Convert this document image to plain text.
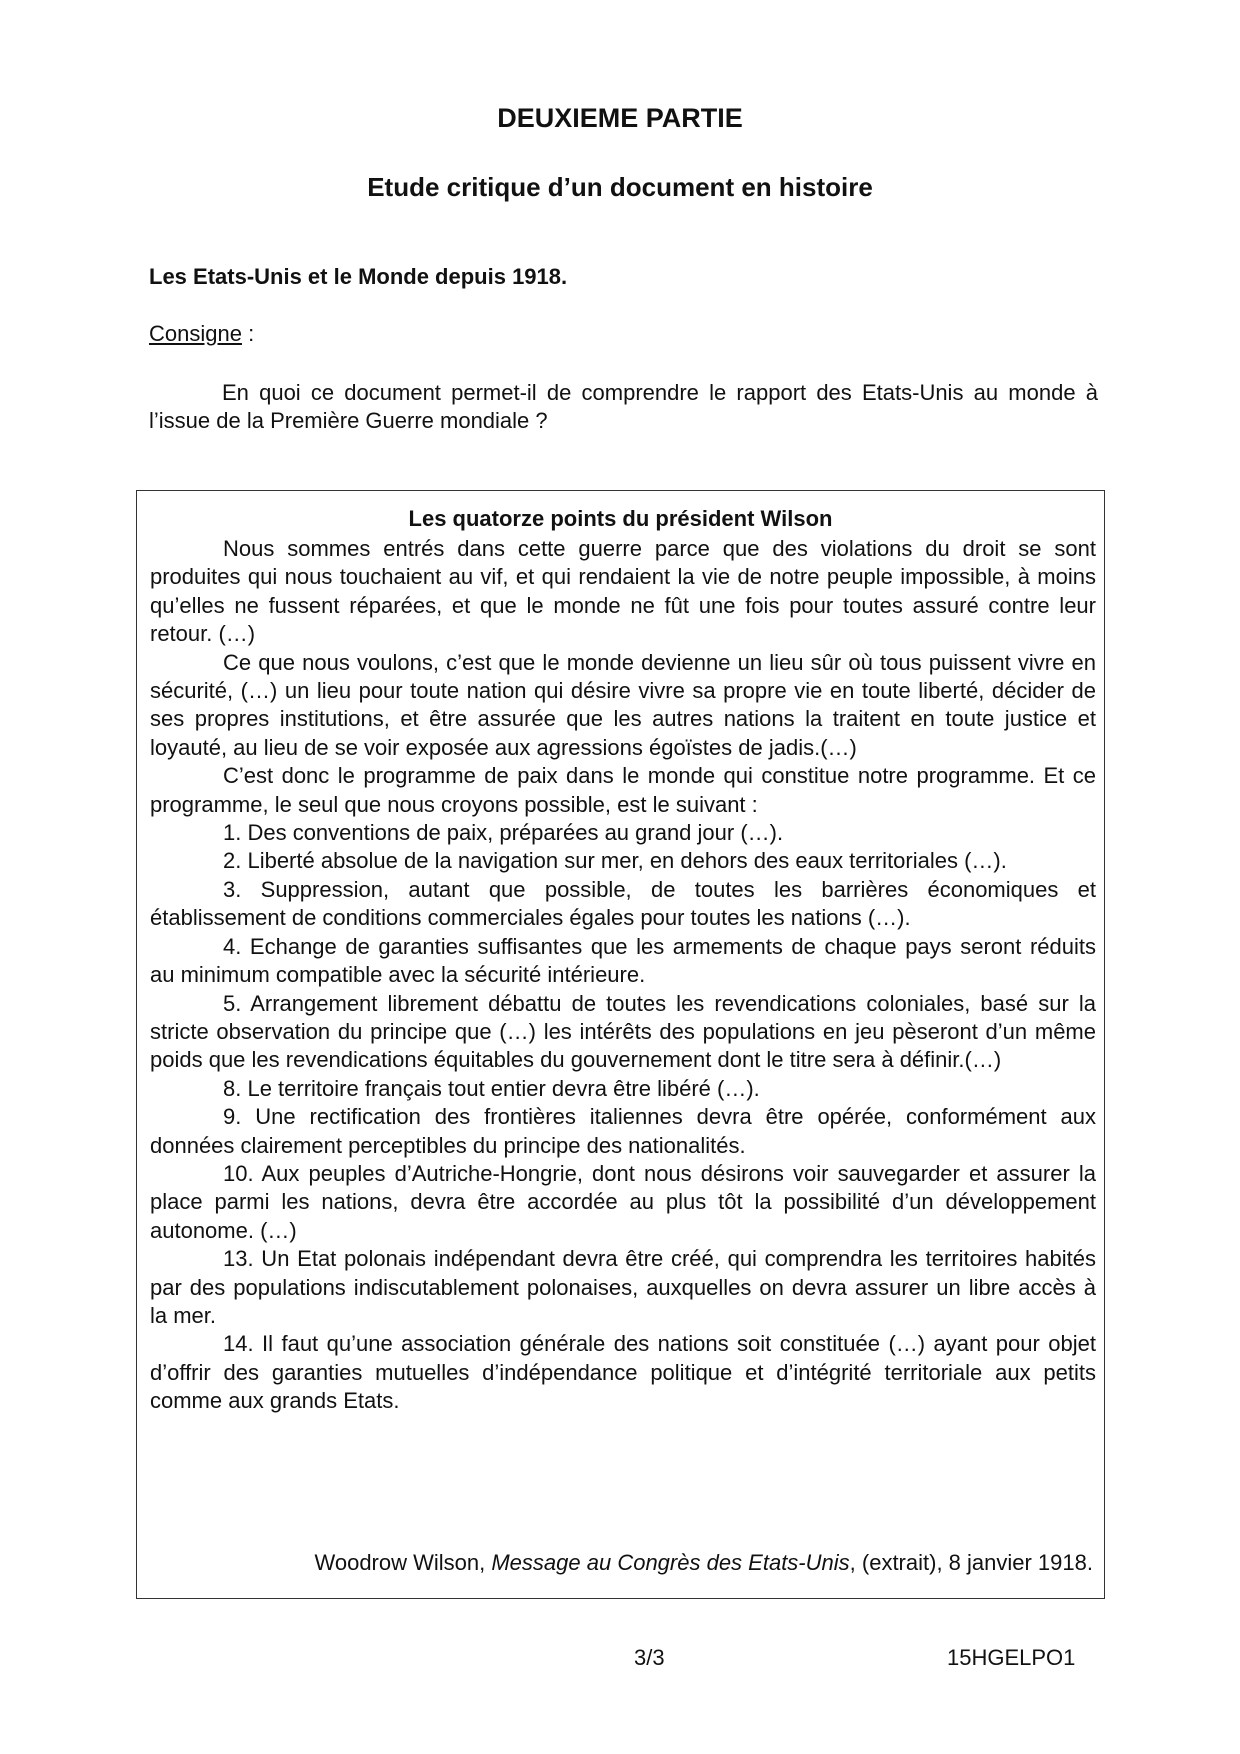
DEUXIEME PARTIE
Etude critique d’un document en histoire
Les Etats-Unis et le Monde depuis 1918.
Consigne :
En quoi ce document permet-il de comprendre le rapport des Etats-Unis au monde à l’issue de la Première Guerre mondiale ?
Les quatorze points du président Wilson

Nous sommes entrés dans cette guerre parce que des violations du droit se sont produites qui nous touchaient au vif, et qui rendaient la vie de notre peuple impossible, à moins qu’elles ne fussent réparées, et que le monde ne fût une fois pour toutes assuré contre leur retour. (…)

Ce que nous voulons, c’est que le monde devienne un lieu sûr où tous puissent vivre en sécurité, (…) un lieu pour toute nation qui désire vivre sa propre vie en toute liberté, décider de ses propres institutions, et être assurée que les autres nations la traitent en toute justice et loyauté, au lieu de se voir exposée aux agressions égoïstes de jadis.(…)

C’est donc le programme de paix dans le monde qui constitue notre programme. Et ce programme, le seul que nous croyons possible, est le suivant :

1. Des conventions de paix, préparées au grand jour (…).

2. Liberté absolue de la navigation sur mer, en dehors des eaux territoriales (…).

3. Suppression, autant que possible, de toutes les barrières économiques et établissement de conditions commerciales égales pour toutes les nations (…).

4. Echange de garanties suffisantes que les armements de chaque pays seront réduits au minimum compatible avec la sécurité intérieure.

5. Arrangement librement débattu de toutes les revendications coloniales, basé sur la stricte observation du principe que (…) les intérêts des populations en jeu pèseront d’un même poids que les revendications équitables du gouvernement dont le titre sera à définir.(…)

8. Le territoire français tout entier devra être libéré (…).

9. Une rectification des frontières italiennes devra être opérée, conformément aux données clairement perceptibles du principe des nationalités.

10. Aux peuples d’Autriche-Hongrie, dont nous désirons voir sauvegarder et assurer la place parmi les nations, devra être accordée au plus tôt la possibilité d’un développement autonome. (…)

13. Un Etat polonais indépendant devra être créé, qui comprendra les territoires habités par des populations indiscutablement polonaises, auxquelles on devra assurer un libre accès à la mer.

14. Il faut qu’une association générale des nations soit constituée (…) ayant pour objet d’offrir des garanties mutuelles d’indépendance politique et d’intégrité territoriale aux petits comme aux grands Etats.

Woodrow Wilson, Message au Congrès des Etats-Unis, (extrait), 8 janvier 1918.
3/3	15HGELPO1
